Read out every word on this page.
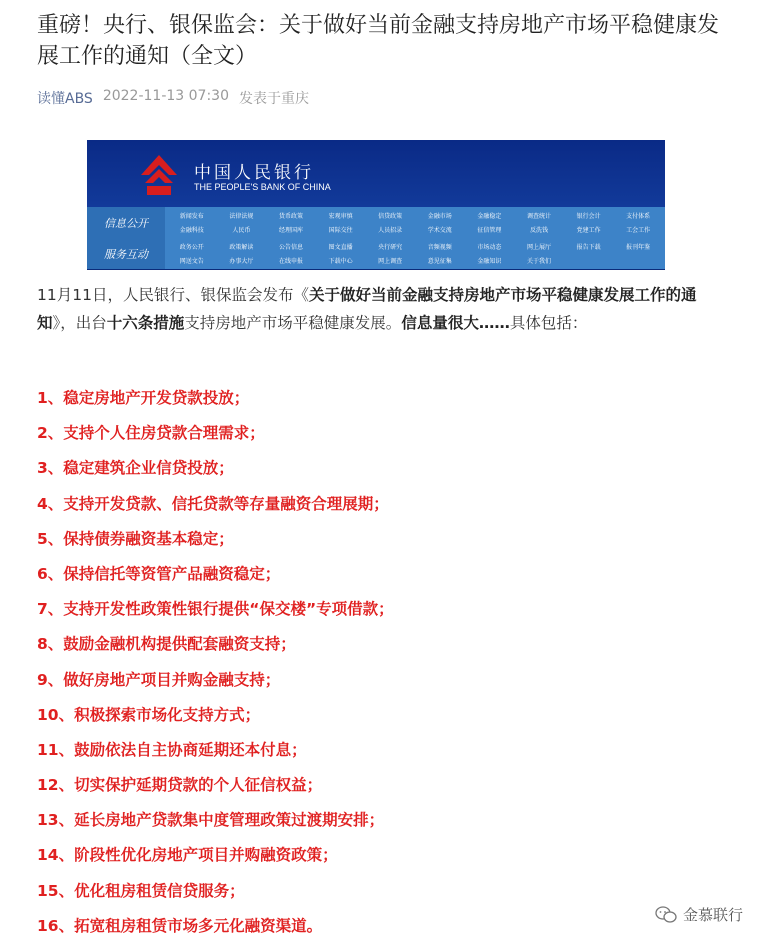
重磅！央行、银保监会：关于做好当前金融支持房地产市场平稳健康发展工作的通知（全文）
读懂ABS 2022-11-13 07:30 发表于重庆
中国人民银行
THE PEOPLE'S BANK OF CHINA
信息公开
新闻发布	法律法规	货币政策	宏观审慎	信贷政策	金融市场	金融稳定	调查统计	银行会计	支付体系
金融科技	人民币	经理国库	国际交往	人员招录	学术交流	征信管理	反洗钱	党建工作	工会工作
服务互动
政务公开	政策解读	公告信息	图文直播	央行研究	音频视频	市场动态	网上展厅	报告下载	报刊年鉴
网送文告	办事大厅	在线申报	下载中心	网上调查	意见征集	金融知识	关于我们

11月11日，人民银行、银保监会发布《关于做好当前金融支持房地产市场平稳健康发展工作的通知》，出台十六条措施支持房地产市场平稳健康发展。信息量很大……具体包括：

1、稳定房地产开发贷款投放；
2、支持个人住房贷款合理需求；
3、稳定建筑企业信贷投放；
4、支持开发贷款、信托贷款等存量融资合理展期；
5、保持债券融资基本稳定；
6、保持信托等资管产品融资稳定；
7、支持开发性政策性银行提供“保交楼”专项借款；
8、鼓励金融机构提供配套融资支持；
9、做好房地产项目并购金融支持；
10、积极探索市场化支持方式；
11、鼓励依法自主协商延期还本付息；
12、切实保护延期贷款的个人征信权益；
13、延长房地产贷款集中度管理政策过渡期安排；
14、阶段性优化房地产项目并购融资政策；
15、优化租房租赁信贷服务；
16、拓宽租房租赁市场多元化融资渠道。
金慕联行
